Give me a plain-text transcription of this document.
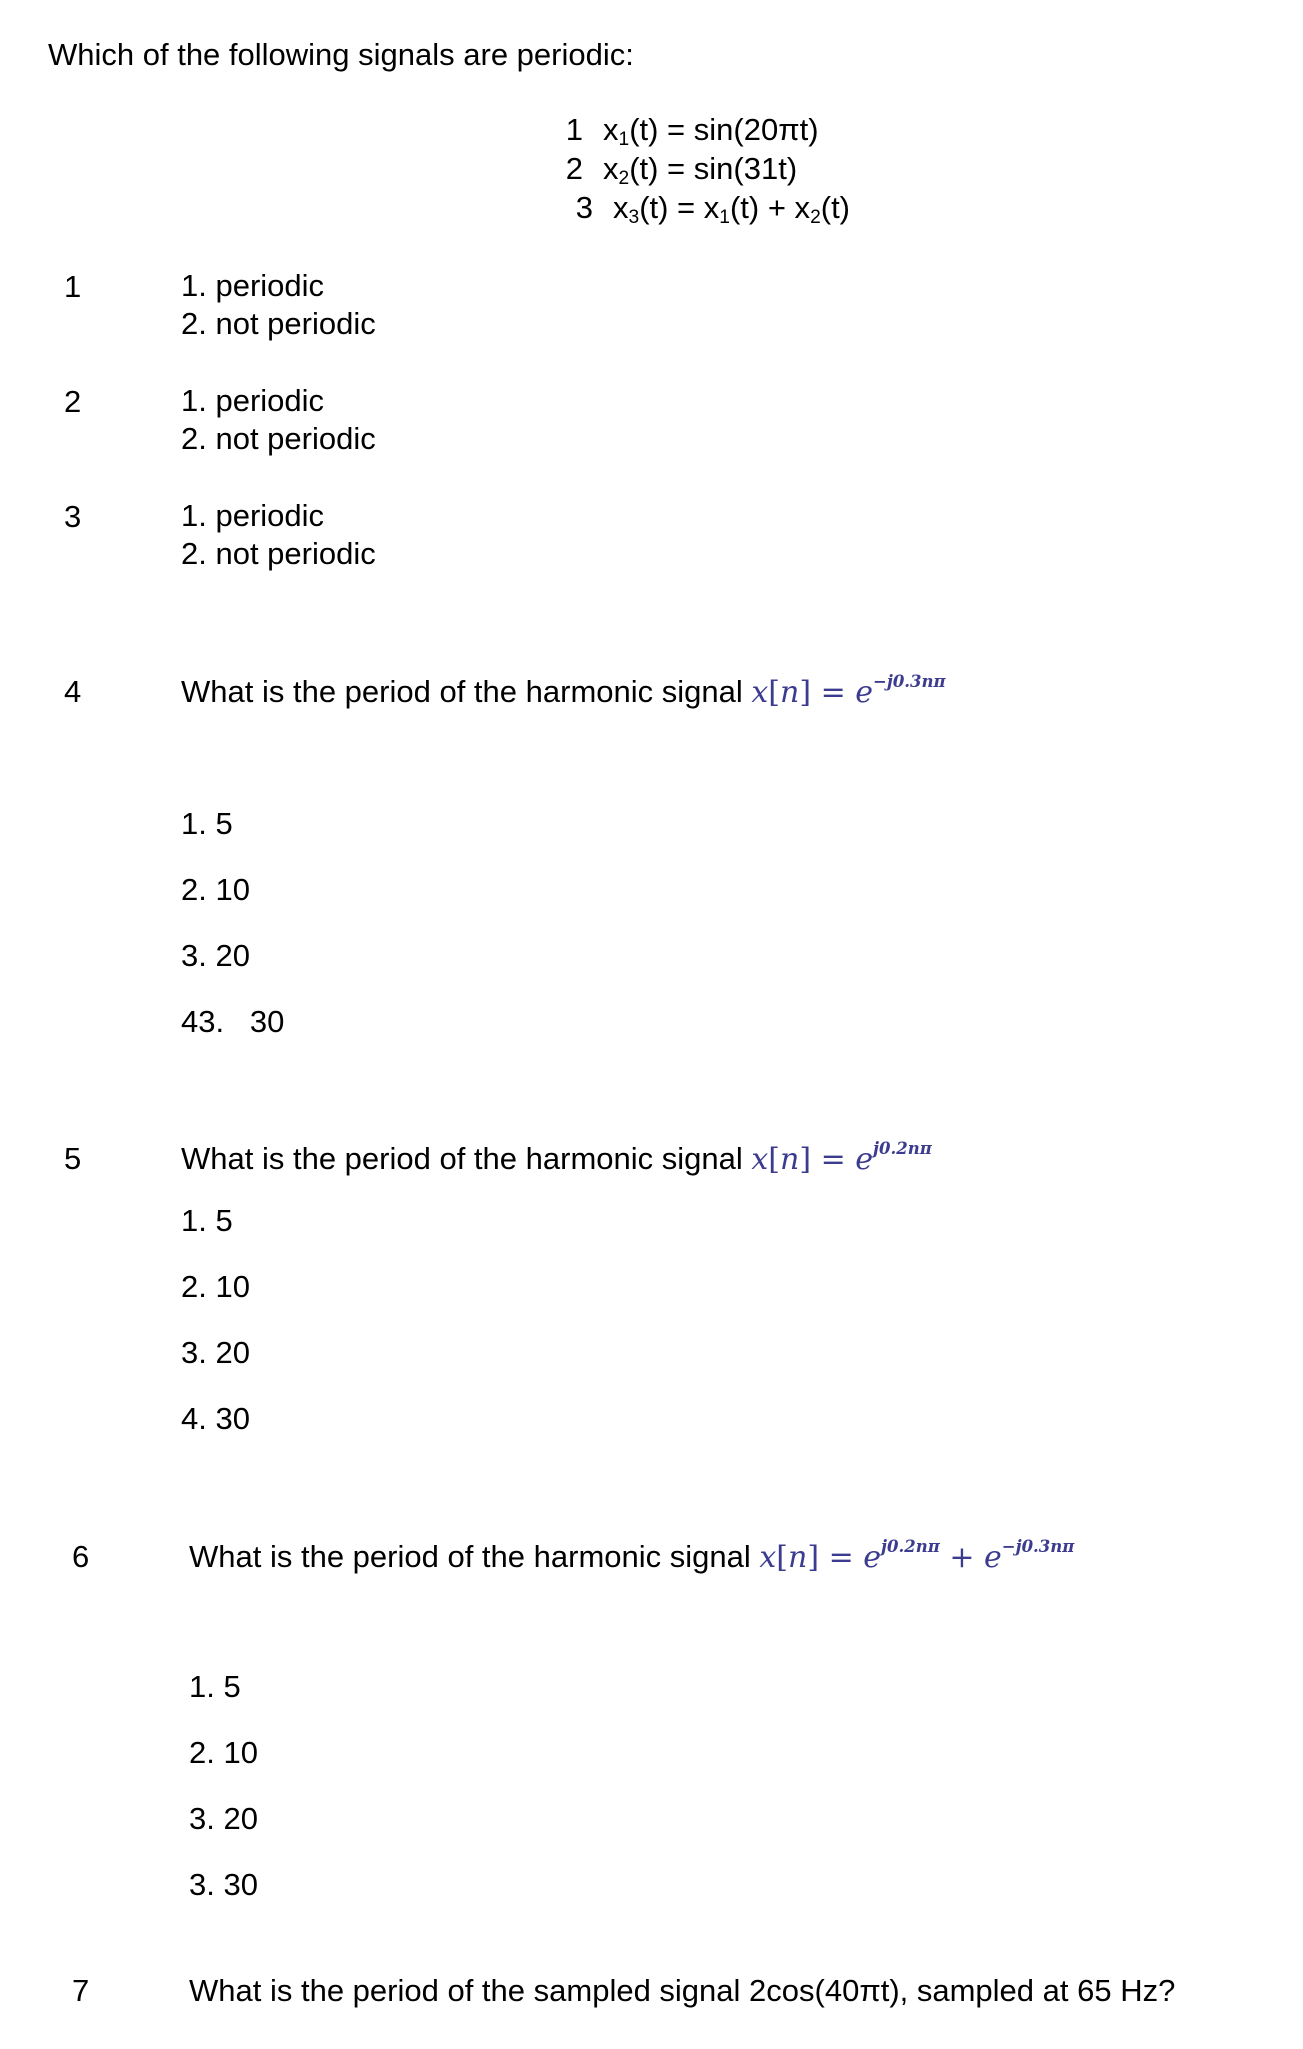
Which of the following signals are periodic:
1 $x_1(t) = \sin(20\pi t)$
2 $x_2(t) = \sin(31t)$
3 $x_3(t) = x_1(t) + x_2(t)$
1	1. periodic
2. not periodic
2	1. periodic
2. not periodic
3	1. periodic
2. not periodic
4	What is the period of the harmonic signal $x[n] = e^{-j0.3n\pi}$
1. 5
2. 10
3. 20
43.   30
5	What is the period of the harmonic signal $x[n] = e^{j0.2n\pi}$
1. 5
2. 10
3. 20
4. 30
6	What is the period of the harmonic signal $x[n] = e^{j0.2n\pi} + e^{-j0.3n\pi}$
1. 5
2. 10
3. 20
3. 30
7	What is the period of the sampled signal 2cos(40πt), sampled at 65 Hz?
